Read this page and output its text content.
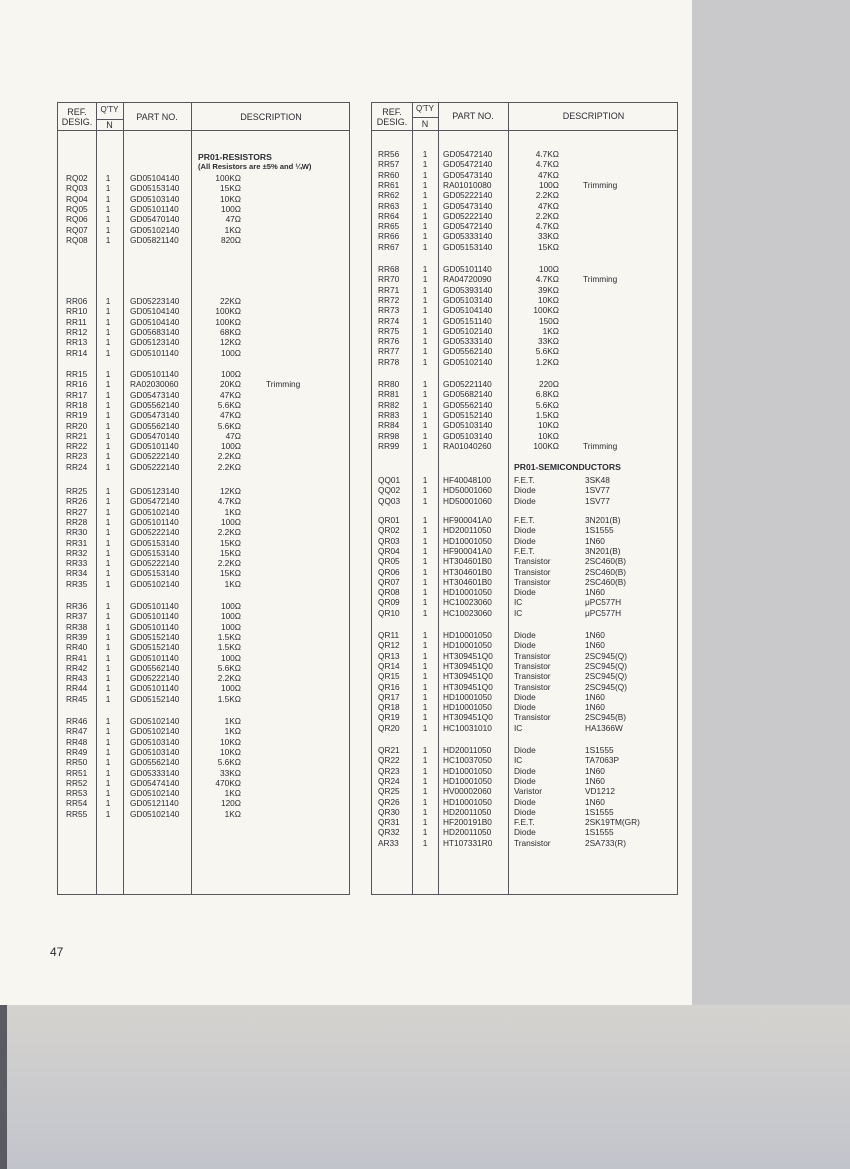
REF.
DESIG.
Q'TY
N
PART NO.	DESCRIPTION
PR01-RESISTORS
(All Resistors are ±5% and ¼W)
RQ02	1	GD05104140	100KΩ
RQ03	1	GD05153140	15KΩ
RQ04	1	GD05103140	10KΩ
RQ05	1	GD05101140	100Ω
RQ06	1	GD05470140	47Ω
RQ07	1	GD05102140	1KΩ
RQ08	1	GD05821140	820Ω
RR06	1	GD05223140	22KΩ
RR10	1	GD05104140	100KΩ
RR11	1	GD05104140	100KΩ
RR12	1	GD05683140	68KΩ
RR13	1	GD05123140	12KΩ
RR14	1	GD05101140	100Ω
RR15	1	GD05101140	100Ω
RR16	1	RA02030060	20KΩ	Trimming
RR17	1	GD05473140	47KΩ
RR18	1	GD05562140	5.6KΩ
RR19	1	GD05473140	47KΩ
RR20	1	GD05562140	5.6KΩ
RR21	1	GD05470140	47Ω
RR22	1	GD05101140	100Ω
RR23	1	GD05222140	2.2KΩ
RR24	1	GD05222140	2.2KΩ
RR25	1	GD05123140	12KΩ
RR26	1	GD05472140	4.7KΩ
RR27	1	GD05102140	1KΩ
RR28	1	GD05101140	100Ω
RR30	1	GD05222140	2.2KΩ
RR31	1	GD05153140	15KΩ
RR32	1	GD05153140	15KΩ
RR33	1	GD05222140	2.2KΩ
RR34	1	GD05153140	15KΩ
RR35	1	GD05102140	1KΩ
RR36	1	GD05101140	100Ω
RR37	1	GD05101140	100Ω
RR38	1	GD05101140	100Ω
RR39	1	GD05152140	1.5KΩ
RR40	1	GD05152140	1.5KΩ
RR41	1	GD05101140	100Ω
RR42	1	GD05562140	5.6KΩ
RR43	1	GD05222140	2.2KΩ
RR44	1	GD05101140	100Ω
RR45	1	GD05152140	1.5KΩ
RR46	1	GD05102140	1KΩ
RR47	1	GD05102140	1KΩ
RR48	1	GD05103140	10KΩ
RR49	1	GD05103140	10KΩ
RR50	1	GD05562140	5.6KΩ
RR51	1	GD05333140	33KΩ
RR52	1	GD05474140	470KΩ
RR53	1	GD05102140	1KΩ
RR54	1	GD05121140	120Ω
RR55	1	GD05102140	1KΩ
REF.
DESIG.
Q'TY
N
PART NO.	DESCRIPTION
PR01-SEMICONDUCTORS
RR56	1	GD05472140	4.7KΩ
RR57	1	GD05472140	4.7KΩ
RR60	1	GD05473140	47KΩ
RR61	1	RA01010080	100Ω	Trimming
RR62	1	GD05222140	2.2KΩ
RR63	1	GD05473140	47KΩ
RR64	1	GD05222140	2.2KΩ
RR65	1	GD05472140	4.7KΩ
RR66	1	GD05333140	33KΩ
RR67	1	GD05153140	15KΩ
RR68	1	GD05101140	100Ω
RR70	1	RA04720090	4.7KΩ	Trimming
RR71	1	GD05393140	39KΩ
RR72	1	GD05103140	10KΩ
RR73	1	GD05104140	100KΩ
RR74	1	GD05151140	150Ω
RR75	1	GD05102140	1KΩ
RR76	1	GD05333140	33KΩ
RR77	1	GD05562140	5.6KΩ
RR78	1	GD05102140	1.2KΩ
RR80	1	GD05221140	220Ω
RR81	1	GD05682140	6.8KΩ
RR82	1	GD05562140	5.6KΩ
RR83	1	GD05152140	1.5KΩ
RR84	1	GD05103140	10KΩ
RR98	1	GD05103140	10KΩ
RR99	1	RA01040260	100KΩ	Trimming
QQ01	1	HF40048100	F.E.T.	3SK48
QQ02	1	HD50001060	Diode	1SV77
QQ03	1	HD50001060	Diode	1SV77
QR01	1	HF900041A0	F.E.T.	3N201(B)
QR02	1	HD20011050	Diode	1S1555
QR03	1	HD10001050	Diode	1N60
QR04	1	HF900041A0	F.E.T.	3N201(B)
QR05	1	HT304601B0	Transistor	2SC460(B)
QR06	1	HT304601B0	Transistor	2SC460(B)
QR07	1	HT304601B0	Transistor	2SC460(B)
QR08	1	HD10001050	Diode	1N60
QR09	1	HC10023060	IC	μPC577H
QR10	1	HC10023060	IC	μPC577H
QR11	1	HD10001050	Diode	1N60
QR12	1	HD10001050	Diode	1N60
QR13	1	HT309451Q0	Transistor	2SC945(Q)
QR14	1	HT309451Q0	Transistor	2SC945(Q)
QR15	1	HT309451Q0	Transistor	2SC945(Q)
QR16	1	HT309451Q0	Transistor	2SC945(Q)
QR17	1	HD10001050	Diode	1N60
QR18	1	HD10001050	Diode	1N60
QR19	1	HT309451Q0	Transistor	2SC945(B)
QR20	1	HC10031010	IC	HA1366W
QR21	1	HD20011050	Diode	1S1555
QR22	1	HC10037050	IC	TA7063P
QR23	1	HD10001050	Diode	1N60
QR24	1	HD10001050	Diode	1N60
QR25	1	HV00002060	Varistor	VD1212
QR26	1	HD10001050	Diode	1N60
QR30	1	HD20011050	Diode	1S1555
QR31	1	HF200191B0	F.E.T.	2SK19TM(GR)
QR32	1	HD20011050	Diode	1S1555
AR33	1	HT107331R0	Transistor	2SA733(R)
47
